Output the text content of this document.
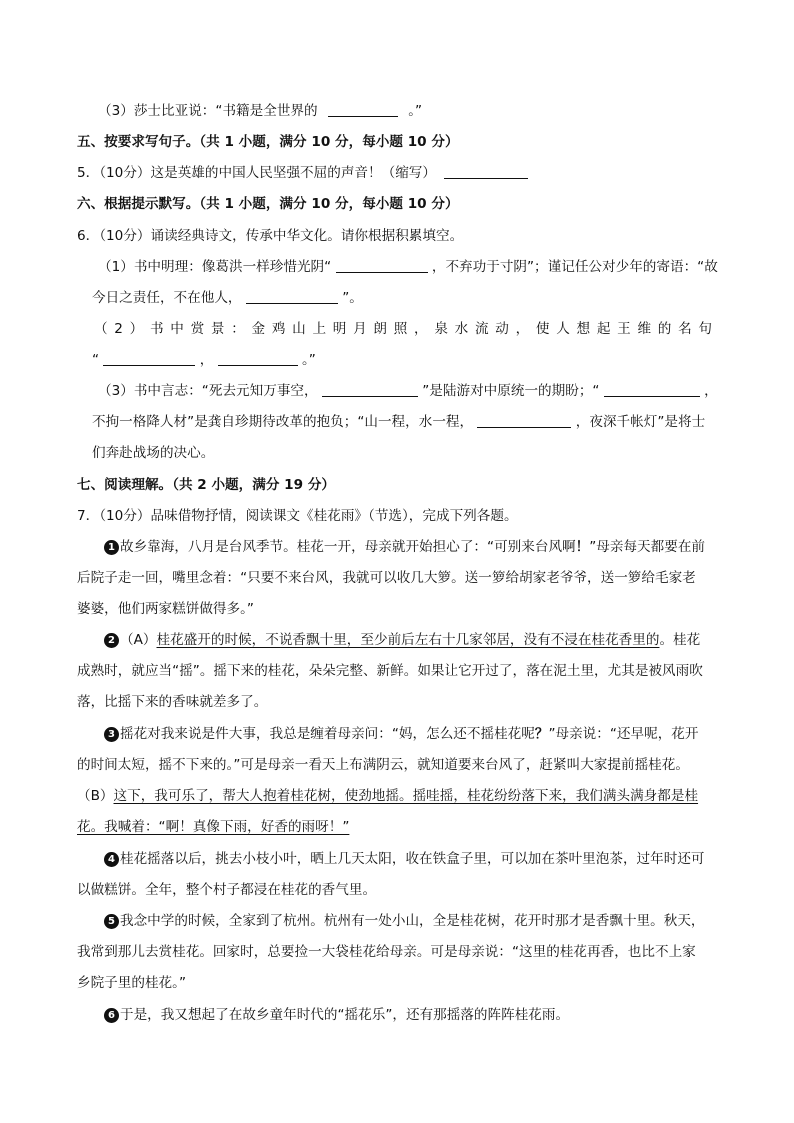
（3）莎士比亚说：“书籍是全世界的	。”
五、按要求写句子。（共 1 小题，满分 10 分，每小题 10 分）
5．（10分）这是英雄的中国人民坚强不屈的声音！（缩写）
六、根据提示默写。（共 1 小题，满分 10 分，每小题 10 分）
6．（10分）诵读经典诗文，传承中华文化。请你根据积累填空。
（1）书中明理：像葛洪一样珍惜光阴“	，不弃功于寸阴”；谨记任公对少年的寄语：“故
今日之责任，不在他人，	”。
（2）书中赏景：金鸡山上明月朗照，泉水流动，使人想起王维的名句
“	，	。”
（3）书中言志：“死去元知万事空，	”是陆游对中原统一的期盼；“	，
不拘一格降人材”是龚自珍期待改革的抱负；“山一程，水一程，	，夜深千帐灯”是将士
们奔赴战场的决心。
七、阅读理解。（共 2 小题，满分 19 分）
7．（10分）品味借物抒情，阅读课文《桂花雨》（节选），完成下列各题。
1 故乡靠海，八月是台风季节。桂花一开，母亲就开始担心了：“可别来台风啊！”母亲每天都要在前
后院子走一回，嘴里念着：“只要不来台风，我就可以收几大箩。送一箩给胡家老爷爷，送一箩给毛家老
婆婆，他们两家糕饼做得多。”
2 （A）桂花盛开的时候，不说香飘十里，至少前后左右十几家邻居，没有不浸在桂花香里的。桂花
成熟时，就应当“摇”。摇下来的桂花，朵朵完整、新鲜。如果让它开过了，落在泥土里，尤其是被风雨吹
落，比摇下来的香味就差多了。
3 摇花对我来说是件大事，我总是缠着母亲问：“妈，怎么还不摇桂花呢？”母亲说：“还早呢，花开
的时间太短，摇不下来的。”可是母亲一看天上布满阴云，就知道要来台风了，赶紧叫大家提前摇桂花。
（B）这下，我可乐了，帮大人抱着桂花树，使劲地摇。摇哇摇，桂花纷纷落下来，我们满头满身都是桂
花。我喊着：“啊！真像下雨，好香的雨呀！”
4 桂花摇落以后，挑去小枝小叶，晒上几天太阳，收在铁盒子里，可以加在茶叶里泡茶，过年时还可
以做糕饼。全年，整个村子都浸在桂花的香气里。
5 我念中学的时候，全家到了杭州。杭州有一处小山，全是桂花树，花开时那才是香飘十里。秋天，
我常到那儿去赏桂花。回家时，总要捡一大袋桂花给母亲。可是母亲说：“这里的桂花再香，也比不上家
乡院子里的桂花。”
6 于是，我又想起了在故乡童年时代的“摇花乐”，还有那摇落的阵阵桂花雨。
